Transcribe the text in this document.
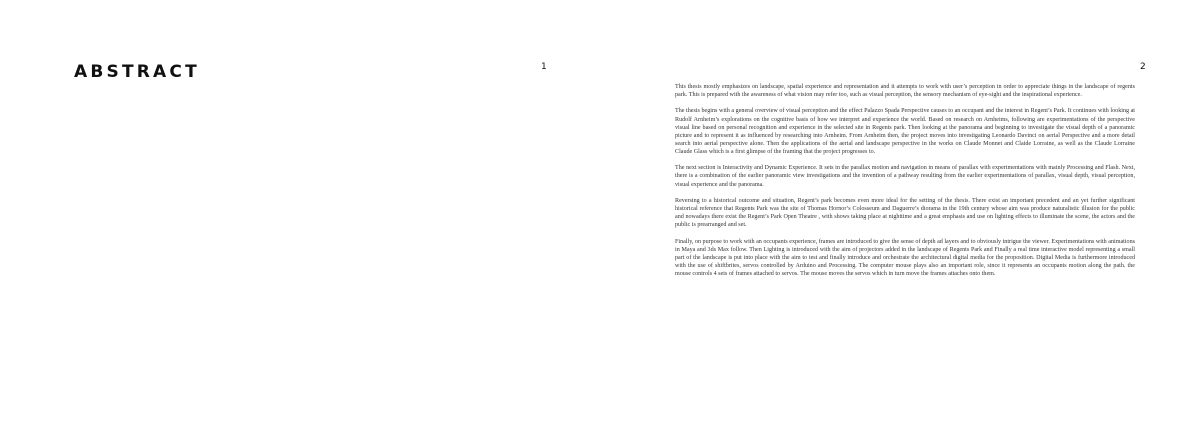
ABSTRACT	1	2

This thesis mostly emphasizes on landscape, spatial experience and representation and it attempts to work with user’s perception in order to appreciate things in the landscape of regents park. This is prepared with the awareness of what vision may refer too, such as visual perception, the sensory mechanism of eye-sight and the inspirational experience.

The thesis begins with a general overview of visual perception and the effect Palazzo Spada Perspective causes to an occupant and the interest in Regent’s Park. It continues with looking at Rudolf Arnheim’s explorations on the cognitive basis of how we interpret and experience the world. Based on research on Arnheims, following are experimentations of the perspective visual line based on personal recognition and experience in the selected site in Regents park. Then looking at the panorama and beginning to investigate the visual depth of a panoramic picture and to represent it as influenced by researching into Arnheim. From Arnheim then, the project moves into investigating Leonardo Davinci on aerial Perspective and a more detail search into aerial perspective alone. Then the applications of the aerial and landscape perspective in the works on Claude Monnet and Claide Lorraine, as well as the Claude Lorraine Claude Glass which is a first glimpse of the framing that the project progresses to.

The next section is Interactivity and Dynamic Experience. It sets in the parallax motion and navigation in means of parallax with experimentations with mainly Processing and Flash. Next, there is a combination of the earlier panoramic view investigations and the invention of a pathway resulting from the earlier experimentations of parallax, visual depth, visual perception, visual experience and the panorama.

Reversing to a historical outcome and situation, Regent’s park becomes even more ideal for the setting of the thesis. There exist an important precedent and an yet further significant historical reference that Regents Park was the site of Thomas Hornor’s Colosseum and Daguerre’s diorama in the 19th century whose aim was produce naturalistic illusion for the public and nowadays there exist the Regent’s Park Open Theatre , with shows taking place at nighttime and a great emphasis and use on lighting effects to illuminate the scene, the actors and the public is prearranged and set.

Finally, on purpose to work with an occupants experience, frames are introduced to give the sense of depth ad layers and to obviously intrigue the viewer. Experimentations with animations in Maya and 3ds Max follow. Then Lighting is introduced with the aim of projectors added in the landscape of Regents Park and Finally a real time interactive model representing a small part of the landscape is put into place with the aim to test and finally introduce and orchestrate the architectural digital media for the proposition. Digital Media is furthermore introduced with the use of shiftbrites, servos controlled by Arduino and Processing. The computer mouse plays also an important role, since it represents an occupants motion along the path. the mouse controls 4 sets of frames attached to servos. The mouse moves the servos which in turn move the frames attaches onto them.
